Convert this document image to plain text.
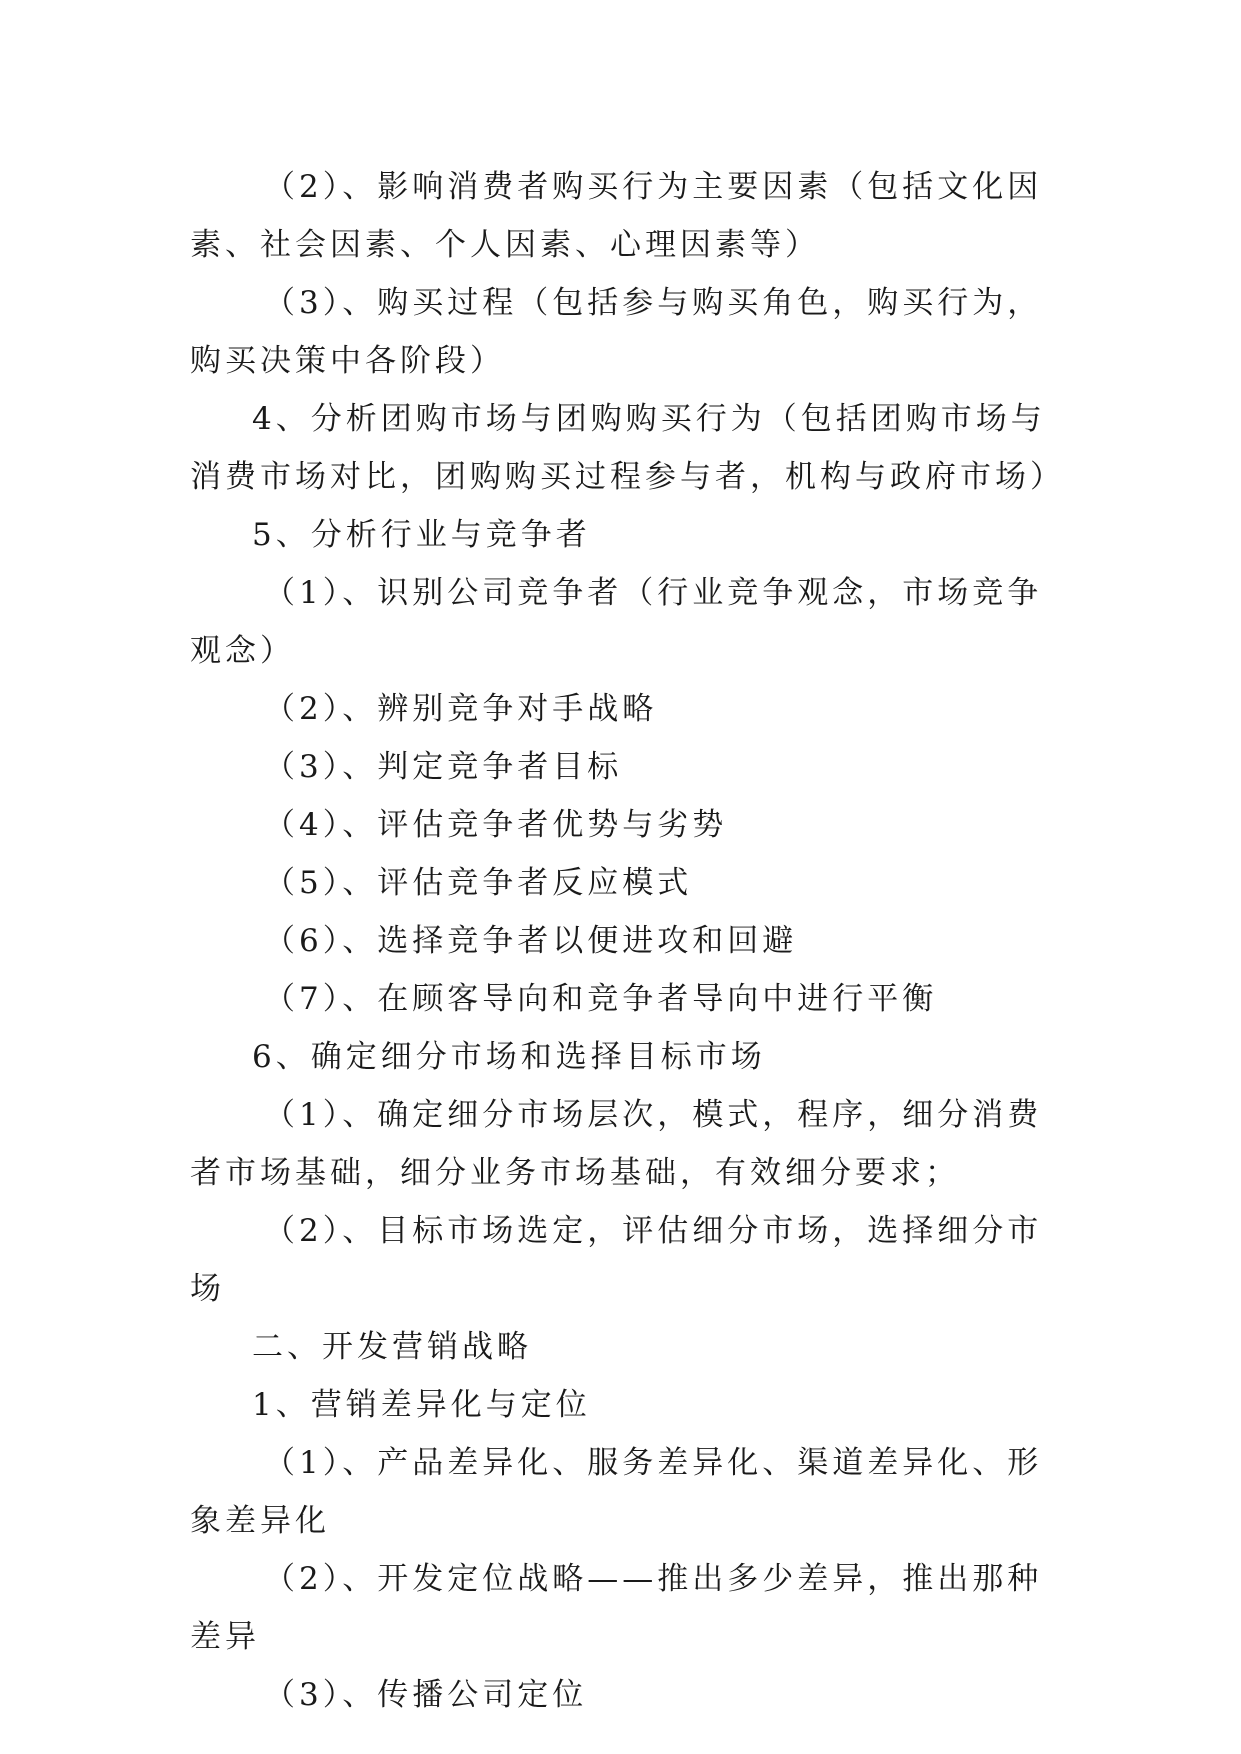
（2）、影响消费者购买行为主要因素（包括文化因素、社会因素、个人因素、心理因素等）

（3）、购买过程（包括参与购买角色，购买行为，购买决策中各阶段）

4、分析团购市场与团购购买行为（包括团购市场与消费市场对比，团购购买过程参与者，机构与政府市场）

5、分析行业与竞争者

（1）、识别公司竞争者（行业竞争观念，市场竞争观念）

（2）、辨别竞争对手战略

（3）、判定竞争者目标

（4）、评估竞争者优势与劣势

（5）、评估竞争者反应模式

（6）、选择竞争者以便进攻和回避

（7）、在顾客导向和竞争者导向中进行平衡

6、确定细分市场和选择目标市场

（1）、确定细分市场层次，模式，程序，细分消费者市场基础，细分业务市场基础，有效细分要求；

（2）、目标市场选定，评估细分市场，选择细分市场

二、开发营销战略

1、营销差异化与定位

（1）、产品差异化、服务差异化、渠道差异化、形象差异化

（2）、开发定位战略——推出多少差异，推出那种差异

（3）、传播公司定位
